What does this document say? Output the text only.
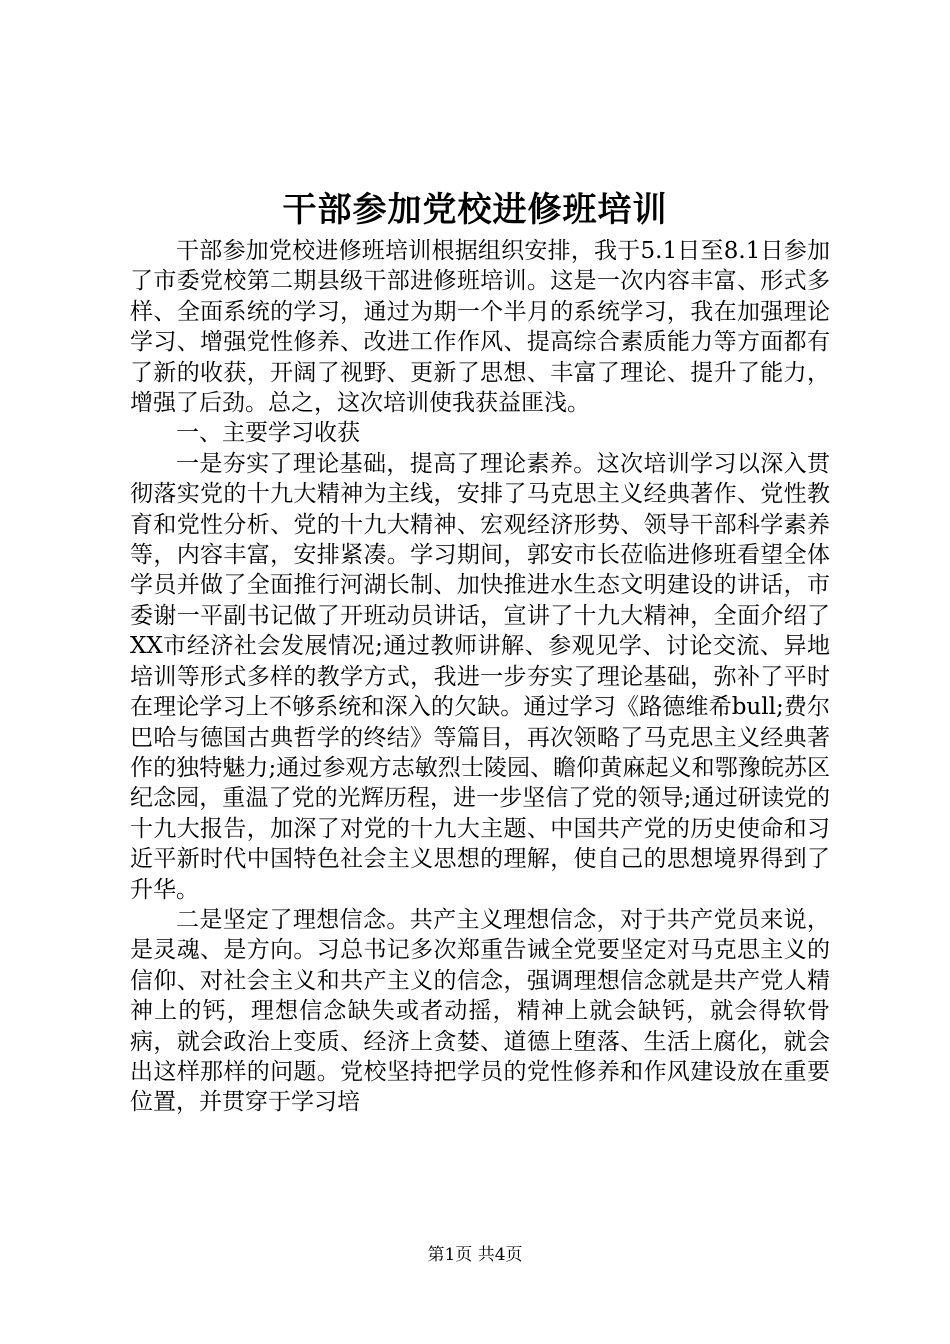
干部参加党校进修班培训

干部参加党校进修班培训根据组织安排，我于5.1日至8.1日参加了市委党校第二期县级干部进修班培训。这是一次内容丰富、形式多样、全面系统的学习，通过为期一个半月的系统学习，我在加强理论学习、增强党性修养、改进工作作风、提高综合素质能力等方面都有了新的收获，开阔了视野、更新了思想、丰富了理论、提升了能力，增强了后劲。总之，这次培训使我获益匪浅。

一、主要学习收获

一是夯实了理论基础，提高了理论素养。这次培训学习以深入贯彻落实党的十九大精神为主线，安排了马克思主义经典著作、党性教育和党性分析、党的十九大精神、宏观经济形势、领导干部科学素养等，内容丰富，安排紧凑。学习期间，郭安市长莅临进修班看望全体学员并做了全面推行河湖长制、加快推进水生态文明建设的讲话，市委谢一平副书记做了开班动员讲话，宣讲了十九大精神，全面介绍了XX市经济社会发展情况;通过教师讲解、参观见学、讨论交流、异地培训等形式多样的教学方式，我进一步夯实了理论基础，弥补了平时在理论学习上不够系统和深入的欠缺。通过学习《路德维希bull;费尔巴哈与德国古典哲学的终结》等篇目，再次领略了马克思主义经典著作的独特魅力;通过参观方志敏烈士陵园、瞻仰黄麻起义和鄂豫皖苏区纪念园，重温了党的光辉历程，进一步坚信了党的领导;通过研读党的十九大报告，加深了对党的十九大主题、中国共产党的历史使命和习近平新时代中国特色社会主义思想的理解，使自己的思想境界得到了升华。

二是坚定了理想信念。共产主义理想信念，对于共产党员来说，是灵魂、是方向。习总书记多次郑重告诫全党要坚定对马克思主义的信仰、对社会主义和共产主义的信念，强调理想信念就是共产党人精神上的钙，理想信念缺失或者动摇，精神上就会缺钙，就会得软骨病，就会政治上变质、经济上贪婪、道德上堕落、生活上腐化，就会出这样那样的问题。党校坚持把学员的党性修养和作风建设放在重要位置，并贯穿于学习培

第1页 共4页
